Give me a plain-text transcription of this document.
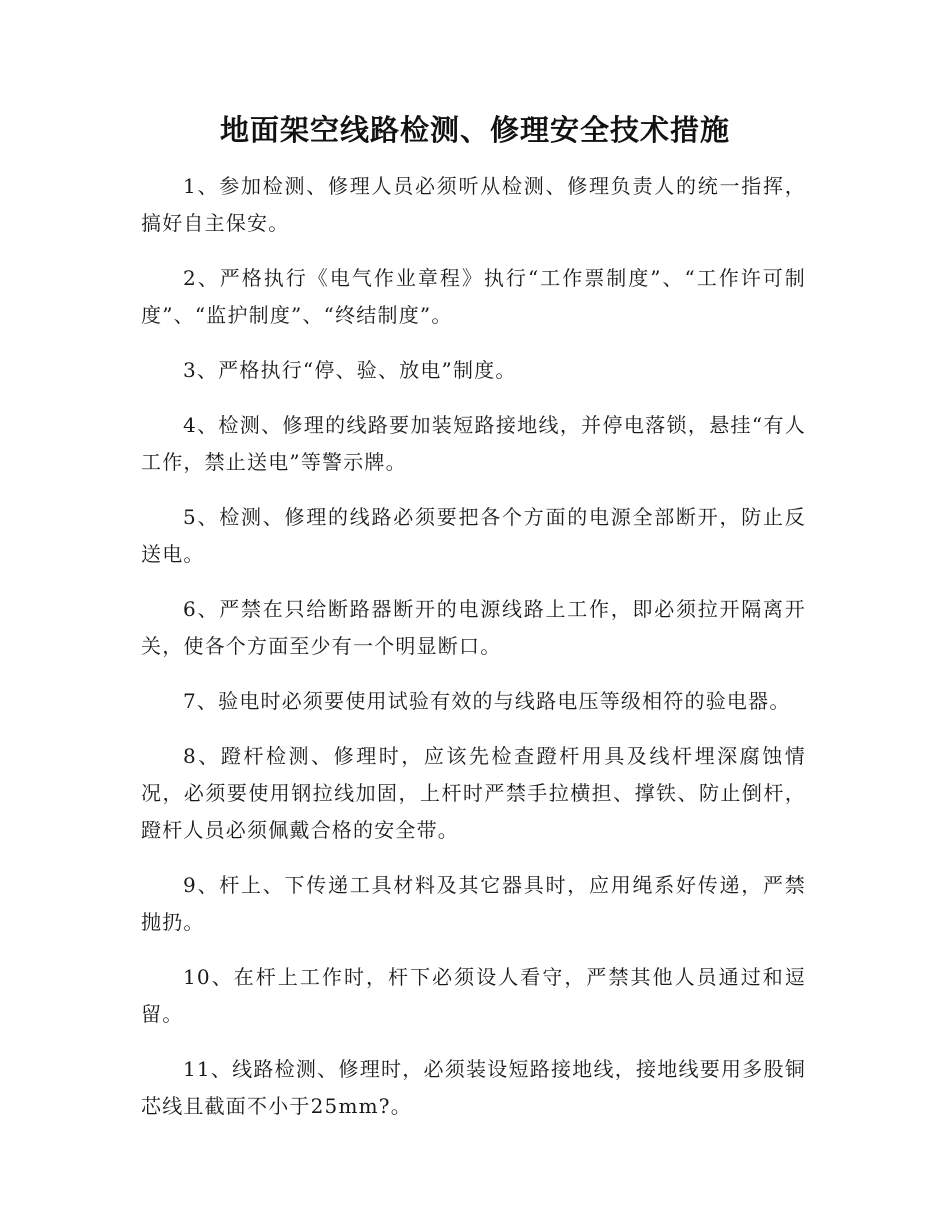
地面架空线路检测、修理安全技术措施

1、参加检测、修理人员必须听从检测、修理负责人的统一指挥，搞好自主保安。

2、严格执行《电气作业章程》执行“工作票制度”、“工作许可制度”、“监护制度”、“终结制度”。

3、严格执行“停、验、放电”制度。

4、检测、修理的线路要加装短路接地线，并停电落锁，悬挂“有人工作，禁止送电”等警示牌。

5、检测、修理的线路必须要把各个方面的电源全部断开，防止反送电。

6、严禁在只给断路器断开的电源线路上工作，即必须拉开隔离开关，使各个方面至少有一个明显断口。

7、验电时必须要使用试验有效的与线路电压等级相符的验电器。

8、蹬杆检测、修理时，应该先检查蹬杆用具及线杆埋深腐蚀情况，必须要使用钢拉线加固，上杆时严禁手拉横担、撑铁、防止倒杆，蹬杆人员必须佩戴合格的安全带。

9、杆上、下传递工具材料及其它器具时，应用绳系好传递，严禁抛扔。

10、在杆上工作时，杆下必须设人看守，严禁其他人员通过和逗留。

11、线路检测、修理时，必须装设短路接地线，接地线要用多股铜芯线且截面不小于25mm?。
